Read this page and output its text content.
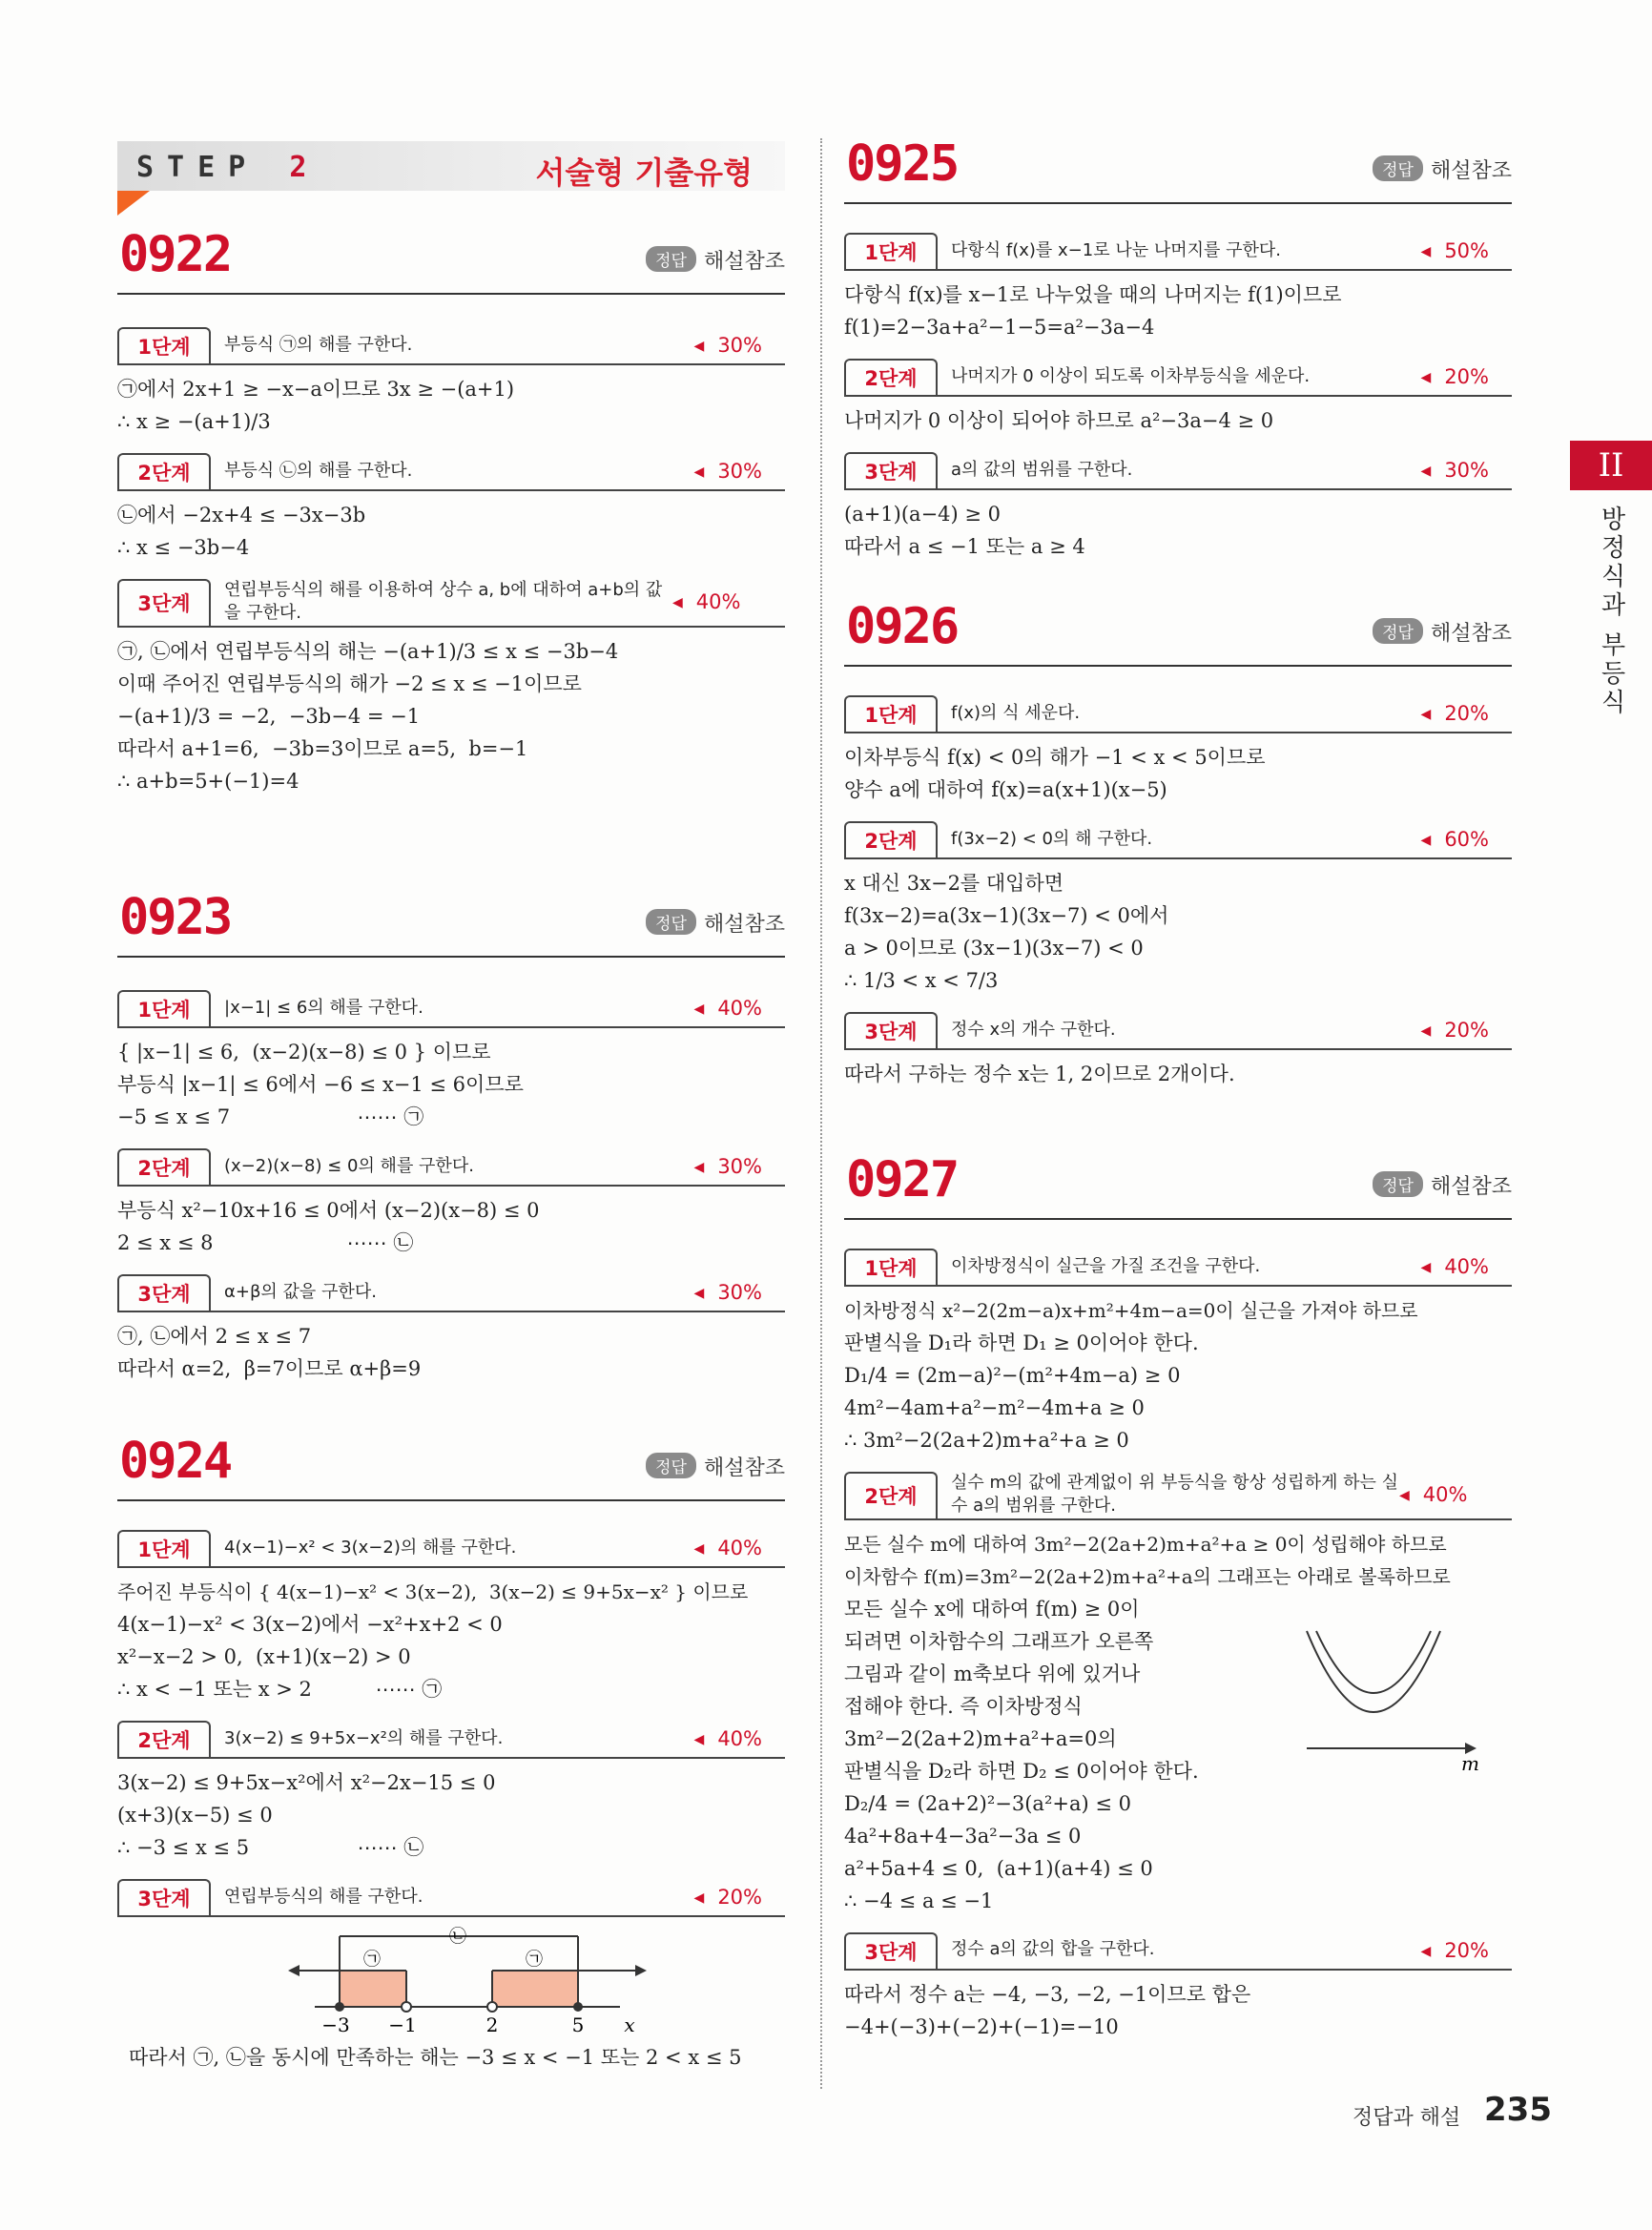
STEP 2	서술형 기출유형
0922	정답 해설참조
1단계	부등식 ㉠의 해를 구한다.	◀ 30%
㉠에서 2x+1 ≥ −x−a이므로 3x ≥ −(a+1)
∴ x ≥ −(a+1)/3
2단계	부등식 ㉡의 해를 구한다.	◀ 30%
㉡에서 −2x+4 ≤ −3x−3b
∴ x ≤ −3b−4
3단계
연립부등식의 해를 이용하여 상수 a, b에 대하여 a+b의 값을 구한다.	◀ 40%
㉠, ㉡에서 연립부등식의 해는 −(a+1)/3 ≤ x ≤ −3b−4
이때 주어진 연립부등식의 해가 −2 ≤ x ≤ −1이므로
−(a+1)/3 = −2,  −3b−4 = −1
따라서 a+1=6,  −3b=3이므로 a=5,  b=−1
∴ a+b=5+(−1)=4
0923	정답 해설참조
1단계	|x−1| ≤ 6의 해를 구한다.	◀ 40%
{ |x−1| ≤ 6,  (x−2)(x−8) ≤ 0 } 이므로
부등식 |x−1| ≤ 6에서 −6 ≤ x−1 ≤ 6이므로
−5 ≤ x ≤ 7                    ⋯⋯ ㉠
2단계	(x−2)(x−8) ≤ 0의 해를 구한다.	◀ 30%
부등식 x²−10x+16 ≤ 0에서 (x−2)(x−8) ≤ 0
2 ≤ x ≤ 8                     ⋯⋯ ㉡
3단계	α+β의 값을 구한다.	◀ 30%
㉠, ㉡에서 2 ≤ x ≤ 7
따라서 α=2,  β=7이므로 α+β=9
0924	정답 해설참조
1단계	4(x−1)−x² < 3(x−2)의 해를 구한다.	◀ 40%
주어진 부등식이 { 4(x−1)−x² < 3(x−2),  3(x−2) ≤ 9+5x−x² } 이므로
4(x−1)−x² < 3(x−2)에서 −x²+x+2 < 0
x²−x−2 > 0,  (x+1)(x−2) > 0
∴ x < −1 또는 x > 2          ⋯⋯ ㉠
2단계	3(x−2) ≤ 9+5x−x²의 해를 구한다.	◀ 40%
3(x−2) ≤ 9+5x−x²에서 x²−2x−15 ≤ 0
(x+3)(x−5) ≤ 0
∴ −3 ≤ x ≤ 5                 ⋯⋯ ㉡
3단계	연립부등식의 해를 구한다.	◀ 20%
㉠	㉠
㉡
−3 −1	2	5 x
따라서 ㉠, ㉡을 동시에 만족하는 해는 −3 ≤ x < −1 또는 2 < x ≤ 5
0925	정답 해설참조
1단계	다항식 f(x)를 x−1로 나눈 나머지를 구한다.	◀ 50%
다항식 f(x)를 x−1로 나누었을 때의 나머지는 f(1)이므로
f(1)=2−3a+a²−1−5=a²−3a−4
2단계	나머지가 0 이상이 되도록 이차부등식을 세운다.	◀ 20%
나머지가 0 이상이 되어야 하므로 a²−3a−4 ≥ 0
3단계	a의 값의 범위를 구한다.	◀ 30%
(a+1)(a−4) ≥ 0
따라서 a ≤ −1 또는 a ≥ 4
0926	정답 해설참조
1단계	f(x)의 식 세운다.	◀ 20%
이차부등식 f(x) < 0의 해가 −1 < x < 5이므로
양수 a에 대하여 f(x)=a(x+1)(x−5)
2단계	f(3x−2) < 0의 해 구한다.	◀ 60%
x 대신 3x−2를 대입하면
f(3x−2)=a(3x−1)(3x−7) < 0에서
a > 0이므로 (3x−1)(3x−7) < 0
∴ 1/3 < x < 7/3
3단계	정수 x의 개수 구한다.	◀ 20%
따라서 구하는 정수 x는 1, 2이므로 2개이다.
0927	정답 해설참조
1단계	이차방정식이 실근을 가질 조건을 구한다.	◀ 40%
이차방정식 x²−2(2m−a)x+m²+4m−a=0이 실근을 가져야 하므로
판별식을 D₁라 하면 D₁ ≥ 0이어야 한다.
D₁/4 = (2m−a)²−(m²+4m−a) ≥ 0
4m²−4am+a²−m²−4m+a ≥ 0
∴ 3m²−2(2a+2)m+a²+a ≥ 0
2단계
실수 m의 값에 관계없이 위 부등식을 항상 성립하게 하는 실수 a의 범위를 구한다.	◀ 40%
모든 실수 m에 대하여 3m²−2(2a+2)m+a²+a ≥ 0이 성립해야 하므로
이차함수 f(m)=3m²−2(2a+2)m+a²+a의 그래프는 아래로 볼록하므로
모든 실수 x에 대하여 f(m) ≥ 0이
되려면 이차함수의 그래프가 오른쪽
그림과 같이 m축보다 위에 있거나
접해야 한다. 즉 이차방정식
3m²−2(2a+2)m+a²+a=0의
판별식을 D₂라 하면 D₂ ≤ 0이어야 한다.
D₂/4 = (2a+2)²−3(a²+a) ≤ 0
4a²+8a+4−3a²−3a ≤ 0
a²+5a+4 ≤ 0,  (a+1)(a+4) ≤ 0
∴ −4 ≤ a ≤ −1
3단계	정수 a의 값의 합을 구한다.	◀ 20%
따라서 정수 a는 −4, −3, −2, −1이므로 합은
−4+(−3)+(−2)+(−1)=−10
m
II
방정식과 부등식
정답과 해설 235
